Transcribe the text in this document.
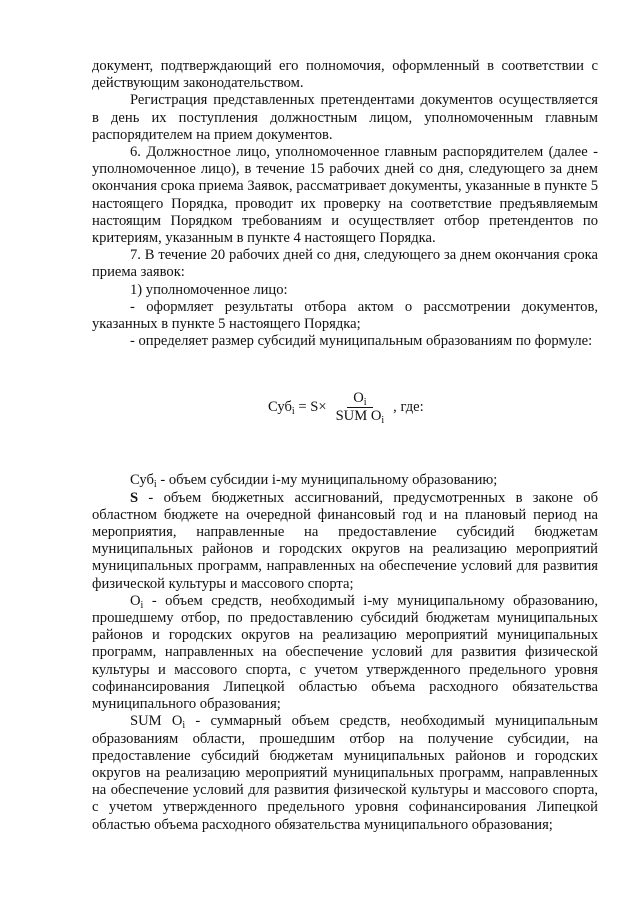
документ, подтверждающий его полномочия, оформленный в соответствии с действующим законодательством.

Регистрация представленных претендентами документов осуществляется в день их поступления должностным лицом, уполномоченным главным распорядителем на прием документов.

6. Должностное лицо, уполномоченное главным распорядителем (далее - уполномоченное лицо), в течение 15 рабочих дней со дня, следующего за днем окончания срока приема Заявок, рассматривает документы, указанные в пункте 5 настоящего Порядка, проводит их проверку на соответствие предъявляемым настоящим Порядком требованиям и осуществляет отбор претендентов по критериям, указанным в пункте 4 настоящего Порядка.

7. В течение 20 рабочих дней со дня, следующего за днем окончания срока приема заявок:

1) уполномоченное лицо:

- оформляет результаты отбора актом о рассмотрении документов, указанных в пункте 5 настоящего Порядка;

- определяет размер субсидий муниципальным образованиям по формуле:

$Суб_i = S\times \frac{O_i}{SUM O_i}$ , где:

Суб$_i$ - объем субсидии i-му муниципальному образованию;

S - объем бюджетных ассигнований, предусмотренных в законе об областном бюджете на очередной финансовый год и на плановый период на мероприятия, направленные на предоставление субсидий бюджетам муниципальных районов и городских округов на реализацию мероприятий муниципальных программ, направленных на обеспечение условий для развития физической культуры и массового спорта;

$O_i$ - объем средств, необходимый i-му муниципальному образованию, прошедшему отбор, по предоставлению субсидий бюджетам муниципальных районов и городских округов на реализацию мероприятий муниципальных программ, направленных на обеспечение условий для развития физической культуры и массового спорта, с учетом утвержденного предельного уровня софинансирования Липецкой областью объема расходного обязательства муниципального образования;

SUM $O_i$ - суммарный объем средств, необходимый муниципальным образованиям области, прошедшим отбор на получение субсидии, на предоставление субсидий бюджетам муниципальных районов и городских округов на реализацию мероприятий муниципальных программ, направленных на обеспечение условий для развития физической культуры и массового спорта, с учетом утвержденного предельного уровня софинансирования Липецкой областью объема расходного обязательства муниципального образования;
